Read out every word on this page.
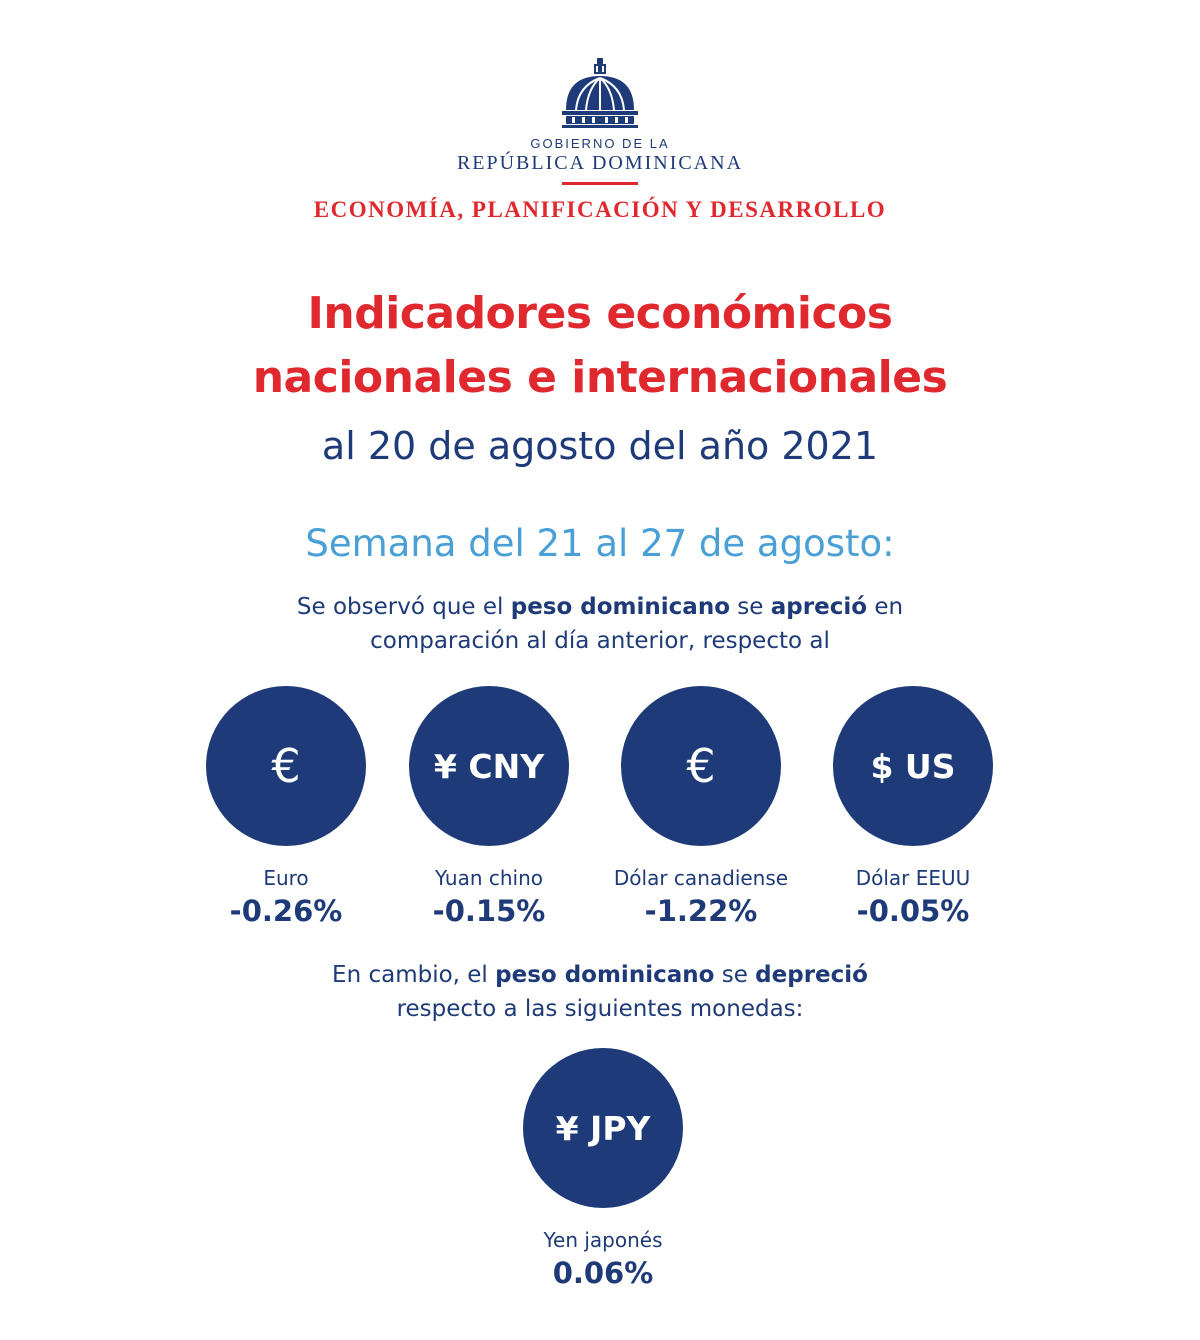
GOBIERNO DE LA
REPÚBLICA DOMINICANA
ECONOMÍA, PLANIFICACIÓN Y DESARROLLO
Indicadores económicos
nacionales e internacionales
al 20 de agosto del año 2021
Semana del 21 al 27 de agosto:
Se observó que el peso dominicano se apreció en
comparación al día anterior, respecto al
€
Euro
-0.26%
¥ CNY
Yuan chino
-0.15%
€
Dólar canadiense
-1.22%
$ US
Dólar EEUU
-0.05%
En cambio, el peso dominicano se depreció
respecto a las siguientes monedas:
¥ JPY
Yen japonés
0.06%
